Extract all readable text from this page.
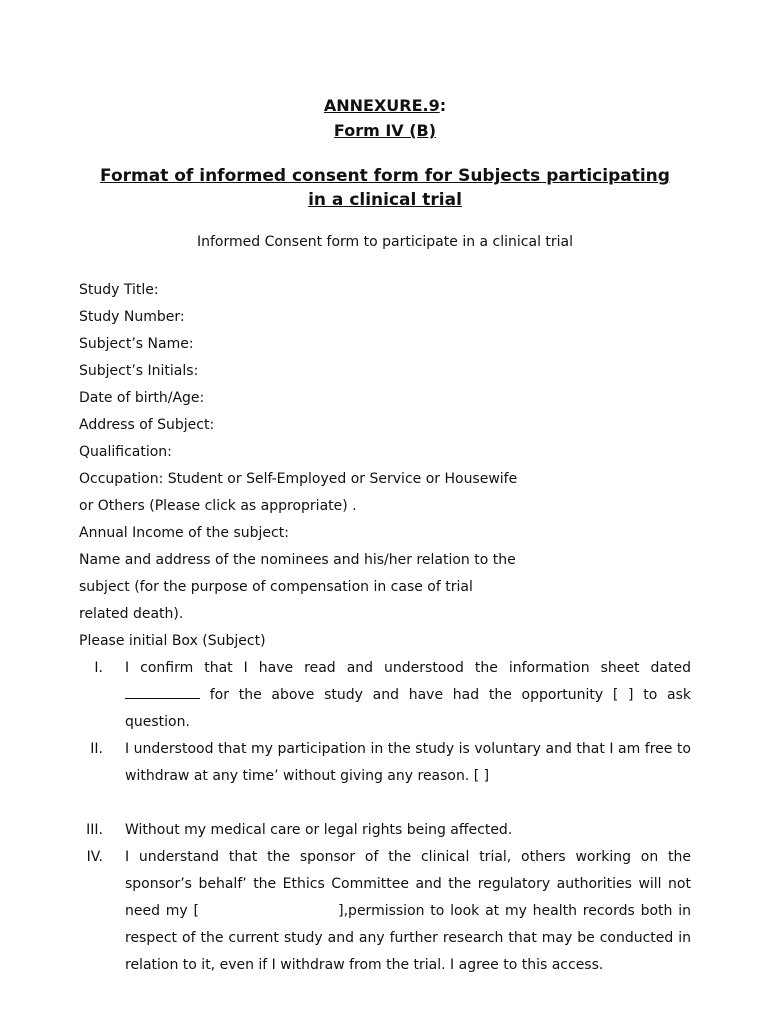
ANNEXURE.9:
Form IV (B)
Format of informed consent form for Subjects participating
in a clinical trial
Informed Consent form to participate in a clinical trial
Study Title:
Study Number:
Subject’s Name:
Subject’s Initials:
Date of birth/Age:
Address of Subject:
Qualification:
Occupation: Student or Self-Employed or Service or Housewife
or Others (Please click as appropriate) .
Annual Income of the subject:
Name and address of the nominees and his/her relation to the
subject (for the purpose of compensation in case of trial
related death).
Please initial Box (Subject)
I. I confirm that I have read and understood the information sheet dated for the above study and have had the opportunity [ ] to ask question.
II. I understood that my participation in the study is voluntary and that I am free to withdraw at any time’ without giving any reason. [ ]
III. Without my medical care or legal rights being affected.
IV. I understand that the sponsor of the clinical trial, others working on the sponsor’s behalf’ the Ethics Committee and the regulatory authorities will not need my [                        ],permission to look at my health records both in respect of the current study and any further research that may be conducted in relation to it, even if I withdraw from the trial. I agree to this access.
